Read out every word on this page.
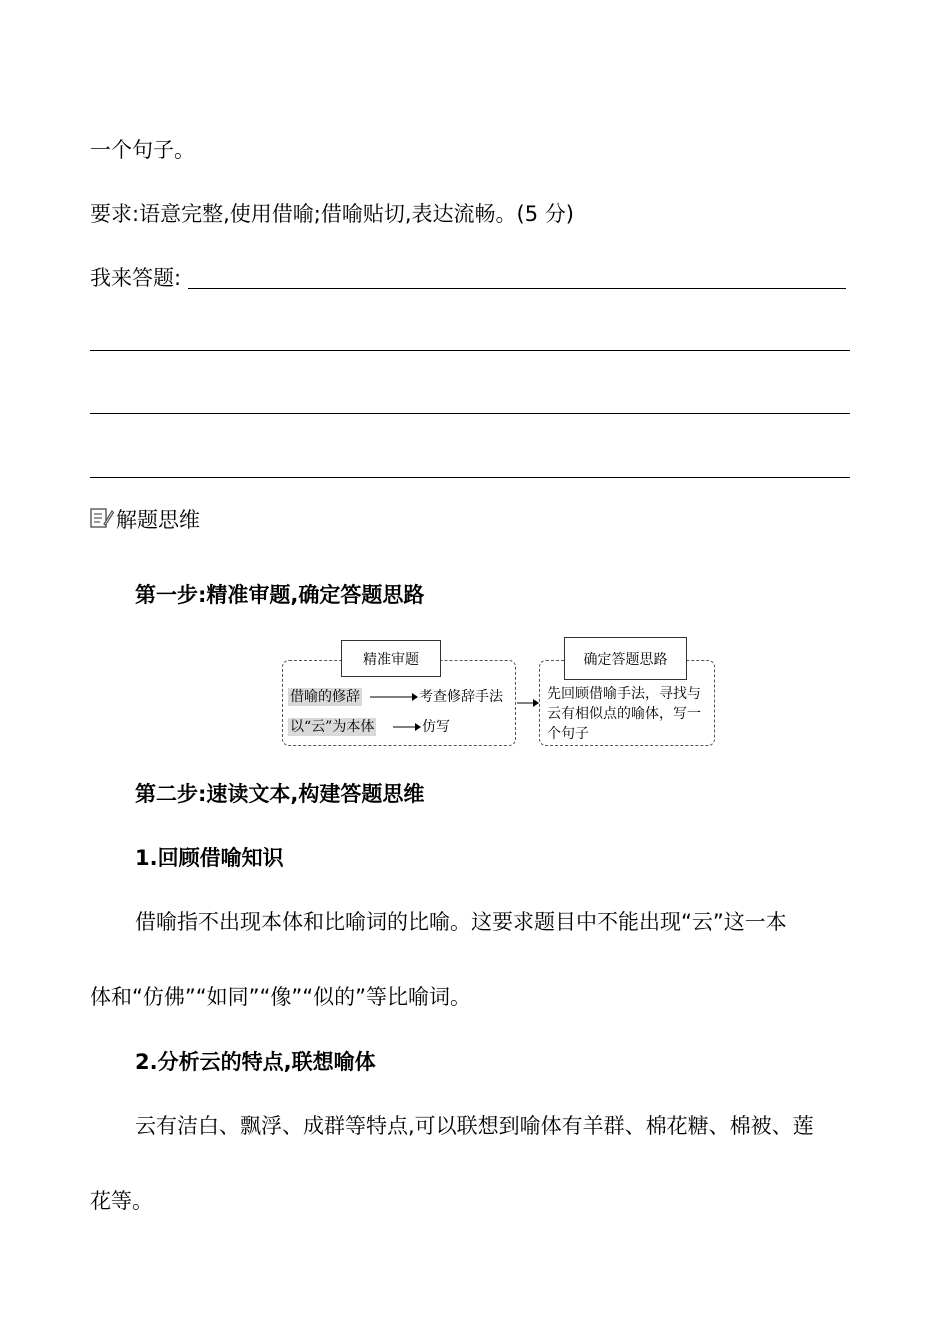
一个句子。
要求:语意完整,使用借喻;借喻贴切,表达流畅。(5 分)
我来答题:
解题思维
第一步:精准审题,确定答题思路
精准审题
借喻的修辞	考查修辞手法
以“云”为本体	仿写
确定答题思路
先回顾借喻手法，寻找与
云有相似点的喻体，写一
个句子
第二步:速读文本,构建答题思维
1.回顾借喻知识
借喻指不出现本体和比喻词的比喻。这要求题目中不能出现“云”这一本
体和“仿佛”“如同”“像”“似的”等比喻词。
2.分析云的特点,联想喻体
云有洁白、飘浮、成群等特点,可以联想到喻体有羊群、棉花糖、棉被、莲
花等。
